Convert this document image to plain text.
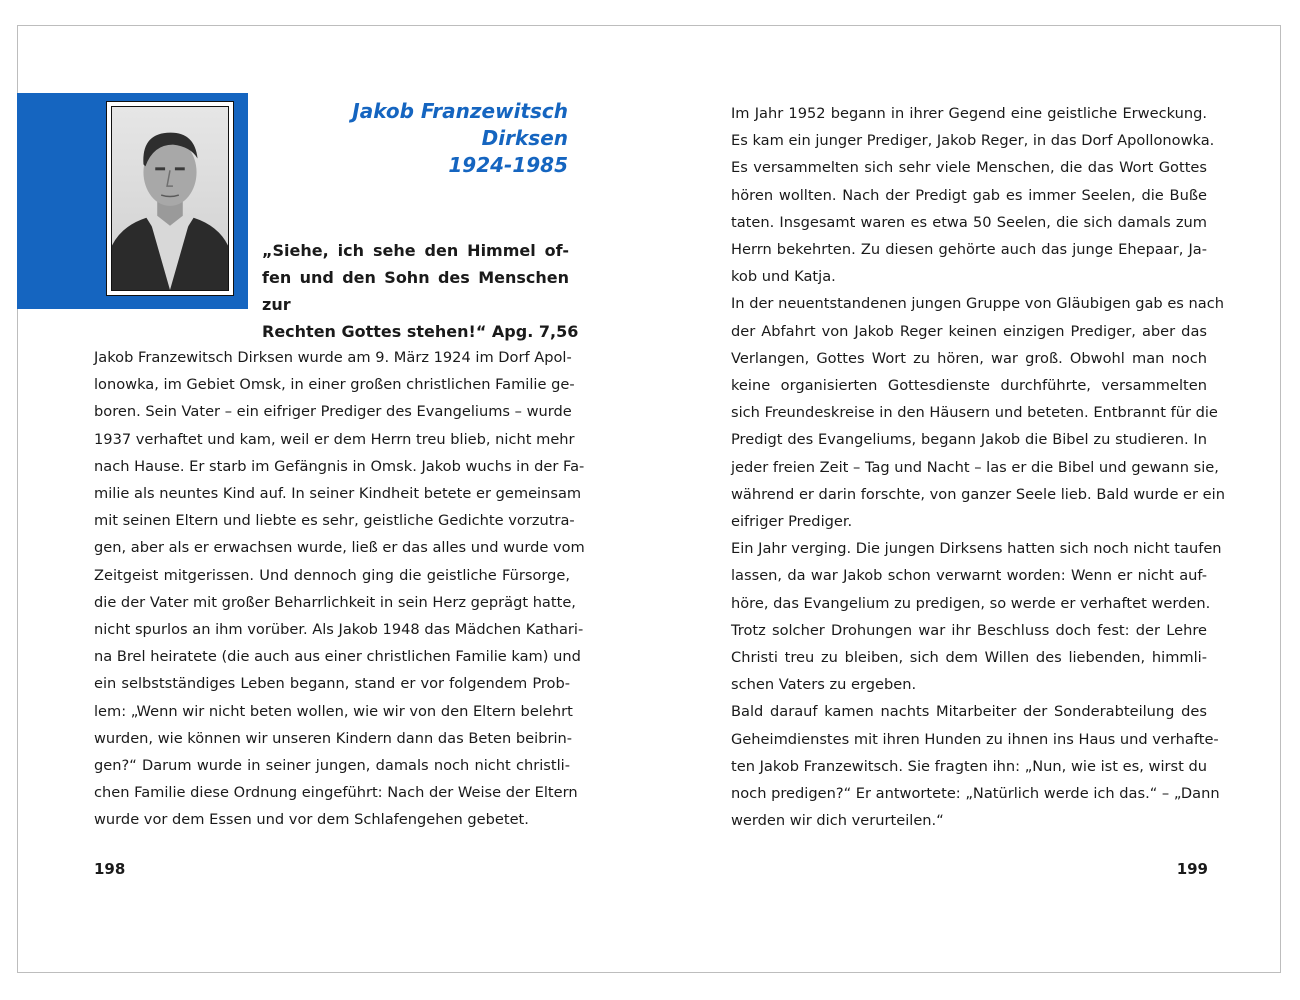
Jakob Franzewitsch
Dirksen
1924-1985
„Siehe, ich sehe den Himmel of-
fen und den Sohn des Menschen zur
Rechten Gottes stehen!“ Apg. 7,56
Jakob Franzewitsch Dirksen wurde am 9. März 1924 im Dorf Apol-
lonowka, im Gebiet Omsk, in einer großen christlichen Familie ge-
boren. Sein Vater – ein eifriger Prediger des Evangeliums – wurde
1937 verhaftet und kam, weil er dem Herrn treu blieb, nicht mehr
nach Hause. Er starb im Gefängnis in Omsk. Jakob wuchs in der Fa-
milie als neuntes Kind auf. In seiner Kindheit betete er gemeinsam
mit seinen Eltern und liebte es sehr, geistliche Gedichte vorzutra-
gen, aber als er erwachsen wurde, ließ er das alles und wurde vom
Zeitgeist mitgerissen. Und dennoch ging die geistliche Fürsorge,
die der Vater mit großer Beharrlichkeit in sein Herz geprägt hatte,
nicht spurlos an ihm vorüber. Als Jakob 1948 das Mädchen Kathari-
na Brel heiratete (die auch aus einer christlichen Familie kam) und
ein selbstständiges Leben begann, stand er vor folgendem Prob-
lem: „Wenn wir nicht beten wollen, wie wir von den Eltern belehrt
wurden, wie können wir unseren Kindern dann das Beten beibrin-
gen?“ Darum wurde in seiner jungen, damals noch nicht christli-
chen Familie diese Ordnung eingeführt: Nach der Weise der Eltern
wurde vor dem Essen und vor dem Schlafengehen gebetet.
Im Jahr 1952 begann in ihrer Gegend eine geistliche Erweckung.
Es kam ein junger Prediger, Jakob Reger, in das Dorf Apollonowka.
Es versammelten sich sehr viele Menschen, die das Wort Gottes
hören wollten. Nach der Predigt gab es immer Seelen, die Buße
taten. Insgesamt waren es etwa 50 Seelen, die sich damals zum
Herrn bekehrten. Zu diesen gehörte auch das junge Ehepaar, Ja-
kob und Katja.
In der neuentstandenen jungen Gruppe von Gläubigen gab es nach
der Abfahrt von Jakob Reger keinen einzigen Prediger, aber das
Verlangen, Gottes Wort zu hören, war groß. Obwohl man noch
keine organisierten Gottesdienste durchführte, versammelten
sich Freundeskreise in den Häusern und beteten. Entbrannt für die
Predigt des Evangeliums, begann Jakob die Bibel zu studieren. In
jeder freien Zeit – Tag und Nacht – las er die Bibel und gewann sie,
während er darin forschte, von ganzer Seele lieb. Bald wurde er ein
eifriger Prediger.
Ein Jahr verging. Die jungen Dirksens hatten sich noch nicht taufen
lassen, da war Jakob schon verwarnt worden: Wenn er nicht auf-
höre, das Evangelium zu predigen, so werde er verhaftet werden.
Trotz solcher Drohungen war ihr Beschluss doch fest: der Lehre
Christi treu zu bleiben, sich dem Willen des liebenden, himmli-
schen Vaters zu ergeben.
Bald darauf kamen nachts Mitarbeiter der Sonderabteilung des
Geheimdienstes mit ihren Hunden zu ihnen ins Haus und verhafte-
ten Jakob Franzewitsch. Sie fragten ihn: „Nun, wie ist es, wirst du
noch predigen?“ Er antwortete: „Natürlich werde ich das.“ – „Dann
werden wir dich verurteilen.“
198	199
